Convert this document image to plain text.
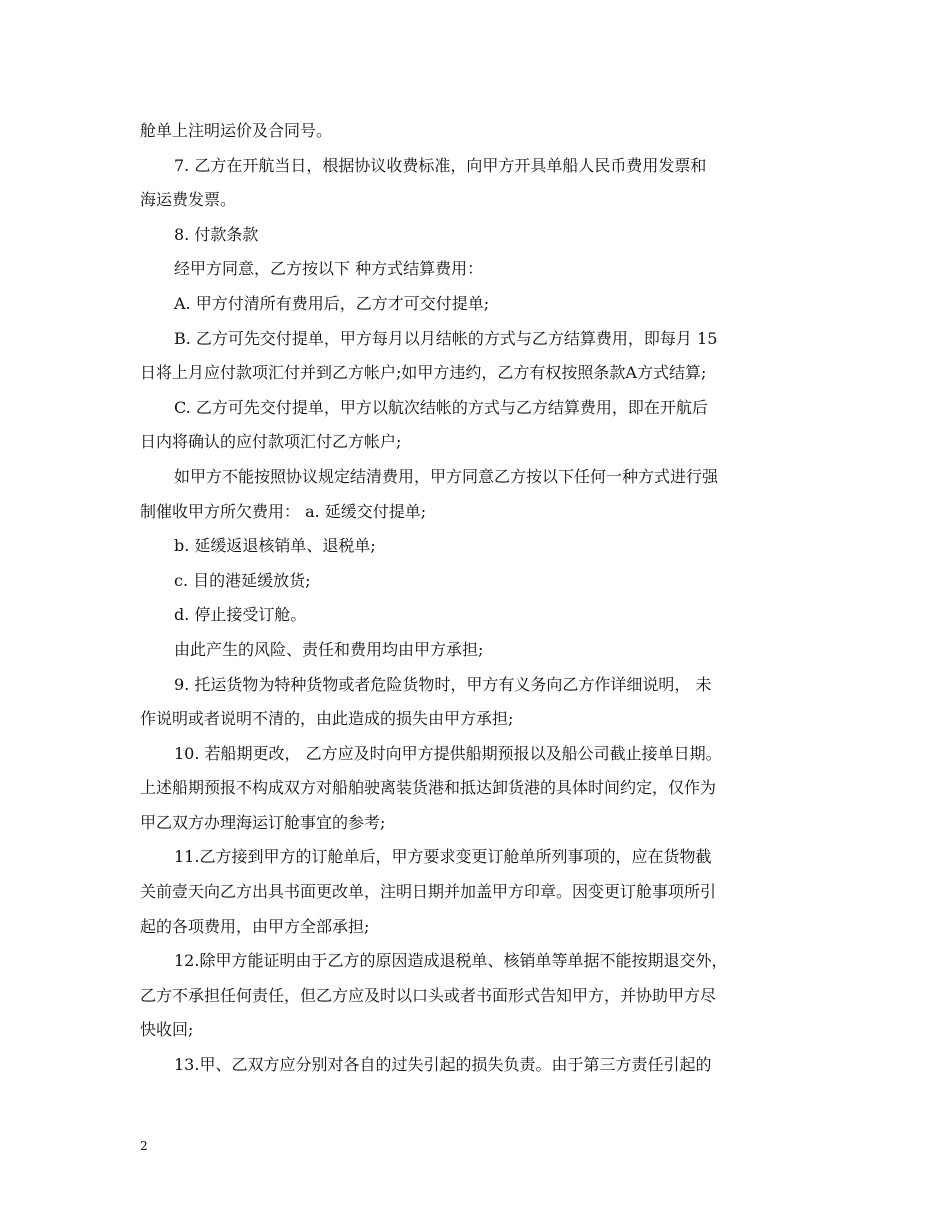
舱单上注明运价及合同号。
7. 乙方在开航当日，根据协议收费标准，向甲方开具单船人民币费用发票和
海运费发票。
8. 付款条款
经甲方同意，乙方按以下 种方式结算费用：
A. 甲方付清所有费用后，乙方才可交付提单;
B. 乙方可先交付提单，甲方每月以月结帐的方式与乙方结算费用，即每月 15
日将上月应付款项汇付并到乙方帐户;如甲方违约，乙方有权按照条款A方式结算;
C. 乙方可先交付提单，甲方以航次结帐的方式与乙方结算费用，即在开航后
日内将确认的应付款项汇付乙方帐户;
如甲方不能按照协议规定结清费用，甲方同意乙方按以下任何一种方式进行强
制催收甲方所欠费用： a. 延缓交付提单;
b. 延缓返退核销单、退税单;
c. 目的港延缓放货;
d. 停止接受订舱。
由此产生的风险、责任和费用均由甲方承担;
9. 托运货物为特种货物或者危险货物时，甲方有义务向乙方作详细说明， 未
作说明或者说明不清的，由此造成的损失由甲方承担;
10. 若船期更改， 乙方应及时向甲方提供船期预报以及船公司截止接单日期。
上述船期预报不构成双方对船舶驶离装货港和抵达卸货港的具体时间约定，仅作为
甲乙双方办理海运订舱事宜的参考;
11.乙方接到甲方的订舱单后，甲方要求变更订舱单所列事项的，应在货物截
关前壹天向乙方出具书面更改单，注明日期并加盖甲方印章。因变更订舱事项所引
起的各项费用，由甲方全部承担;
12.除甲方能证明由于乙方的原因造成退税单、核销单等单据不能按期退交外，
乙方不承担任何责任，但乙方应及时以口头或者书面形式告知甲方，并协助甲方尽
快收回;
13.甲、乙双方应分别对各自的过失引起的损失负责。由于第三方责任引起的
2
